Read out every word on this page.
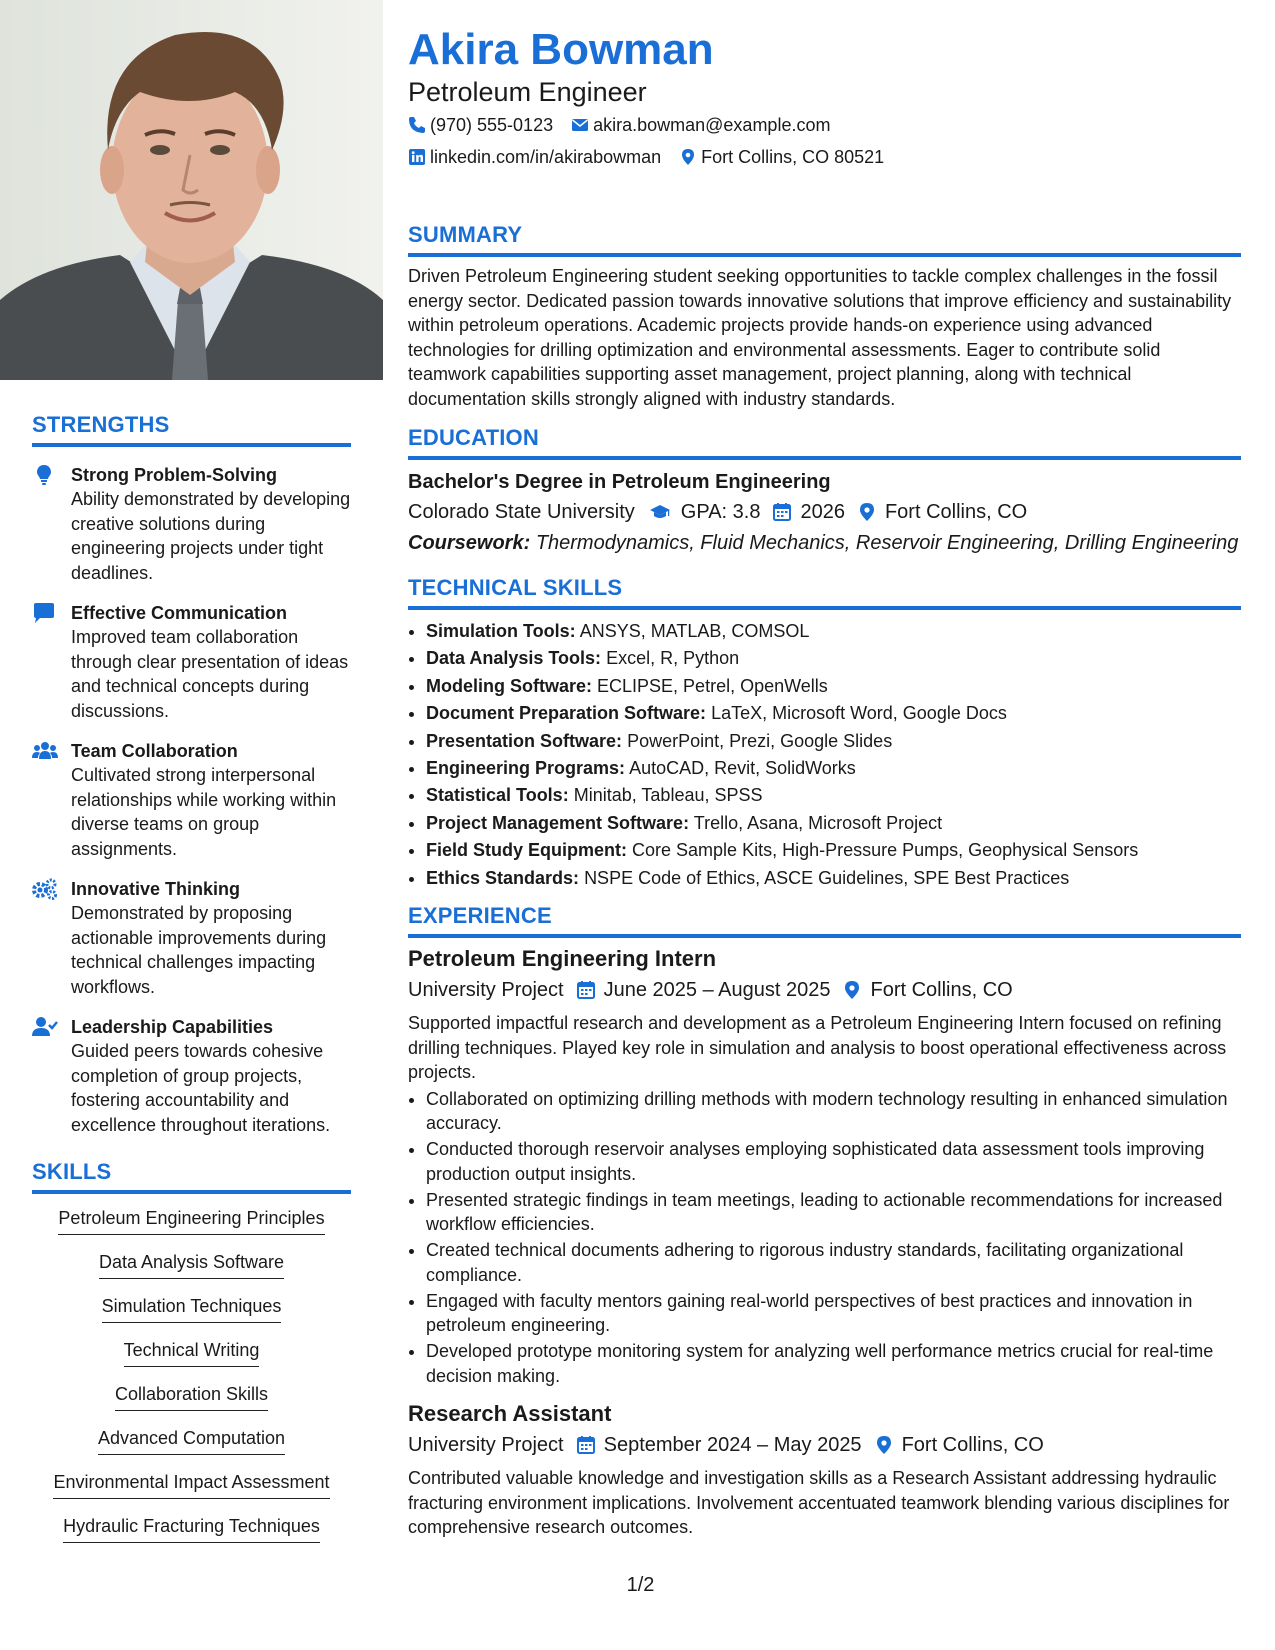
STRENGTHS
Strong Problem-Solving
Ability demonstrated by developing creative solutions during engineering projects under tight deadlines.
Effective Communication
Improved team collaboration through clear presentation of ideas and technical concepts during discussions.
Team Collaboration
Cultivated strong interpersonal relationships while working within diverse teams on group assignments.
Innovative Thinking
Demonstrated by proposing actionable improvements during technical challenges impacting workflows.
Leadership Capabilities
Guided peers towards cohesive completion of group projects, fostering accountability and excellence throughout iterations.
SKILLS
Petroleum Engineering Principles
Data Analysis Software
Simulation Techniques
Technical Writing
Collaboration Skills
Advanced Computation
Environmental Impact Assessment
Hydraulic Fracturing Techniques
Akira Bowman
Petroleum Engineer
(970) 555-0123 akira.bowman@example.com
linkedin.com/in/akirabowman Fort Collins, CO 80521
SUMMARY
Driven Petroleum Engineering student seeking opportunities to tackle complex challenges in the fossil energy sector. Dedicated passion towards innovative solutions that improve efficiency and sustainability within petroleum operations. Academic projects provide hands-on experience using advanced technologies for drilling optimization and environmental assessments. Eager to contribute solid teamwork capabilities supporting asset management, project planning, along with technical documentation skills strongly aligned with industry standards.
EDUCATION
Bachelor's Degree in Petroleum Engineering
Colorado State University GPA: 3.8 2026 Fort Collins, CO
Coursework: Thermodynamics, Fluid Mechanics, Reservoir Engineering, Drilling Engineering
TECHNICAL SKILLS
• Simulation Tools: ANSYS, MATLAB, COMSOL
• Data Analysis Tools: Excel, R, Python
• Modeling Software: ECLIPSE, Petrel, OpenWells
• Document Preparation Software: LaTeX, Microsoft Word, Google Docs
• Presentation Software: PowerPoint, Prezi, Google Slides
• Engineering Programs: AutoCAD, Revit, SolidWorks
• Statistical Tools: Minitab, Tableau, SPSS
• Project Management Software: Trello, Asana, Microsoft Project
• Field Study Equipment: Core Sample Kits, High-Pressure Pumps, Geophysical Sensors
• Ethics Standards: NSPE Code of Ethics, ASCE Guidelines, SPE Best Practices
EXPERIENCE
Petroleum Engineering Intern
University Project June 2025 – August 2025 Fort Collins, CO
Supported impactful research and development as a Petroleum Engineering Intern focused on refining drilling techniques. Played key role in simulation and analysis to boost operational effectiveness across projects.
• Collaborated on optimizing drilling methods with modern technology resulting in enhanced simulation accuracy.
• Conducted thorough reservoir analyses employing sophisticated data assessment tools improving production output insights.
• Presented strategic findings in team meetings, leading to actionable recommendations for increased workflow efficiencies.
• Created technical documents adhering to rigorous industry standards, facilitating organizational compliance.
• Engaged with faculty mentors gaining real-world perspectives of best practices and innovation in petroleum engineering.
• Developed prototype monitoring system for analyzing well performance metrics crucial for real-time decision making.
Research Assistant
University Project September 2024 – May 2025 Fort Collins, CO
Contributed valuable knowledge and investigation skills as a Research Assistant addressing hydraulic fracturing environment implications. Involvement accentuated teamwork blending various disciplines for comprehensive research outcomes.
1/2
